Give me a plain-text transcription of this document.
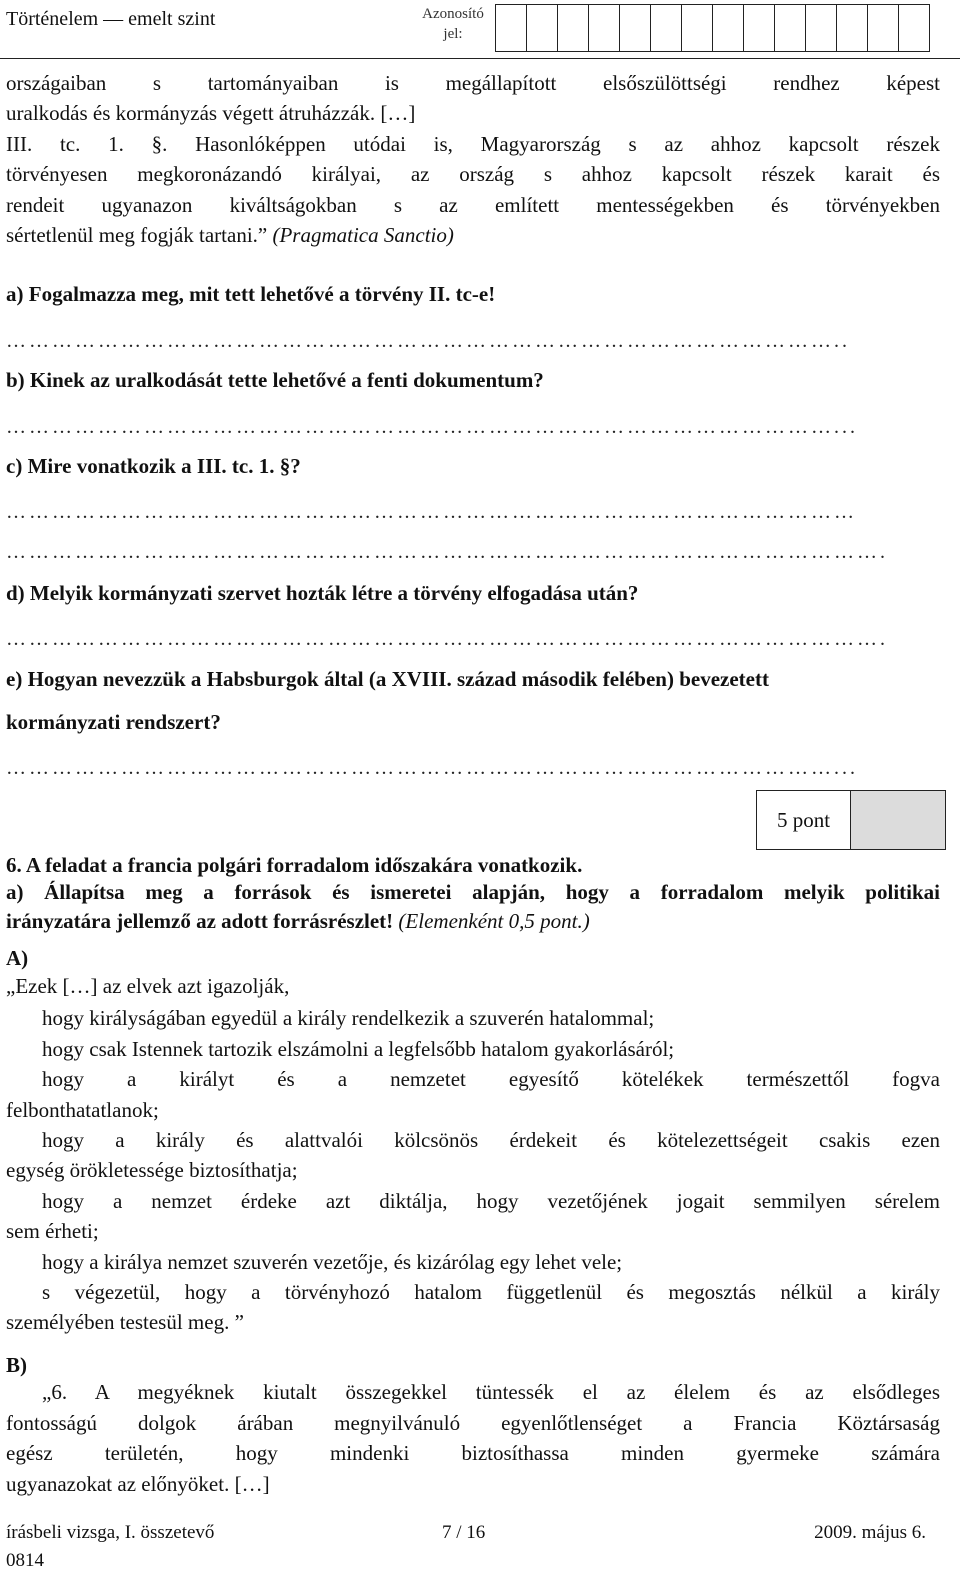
Történelem — emelt szint	Azonosító
jel:
országaiban s tartományaiban is megállapított elsőszülöttségi rendhez képest
uralkodás és kormányzás végett átruházzák. […]
III. tc. 1. §. Hasonlóképpen utódai is, Magyarország s az ahhoz kapcsolt részek
törvényesen megkoronázandó királyai, az ország s ahhoz kapcsolt részek karait és
rendeit ugyanazon kiváltságokban s az említett mentességekben és törvényekben
sértetlenül meg fogják tartani.” (Pragmatica Sanctio)
a) Fogalmazza meg, mit tett lehetővé a törvény II. tc-e!
………………………………………………………………………………………………..
b) Kinek az uralkodását tette lehetővé a fenti dokumentum?
………………………………………………………………………………………………...
c) Mire vonatkozik a III. tc. 1. §?
…………………………………………………………………………………………………
…………………………………………………………………………………………………….
d) Melyik kormányzati szervet hozták létre a törvény elfogadása után?
…………………………………………………………………………………………………….
e) Hogyan nevezzük a Habsburgok által (a XVIII. század második felében) bevezetett
kormányzati rendszert?
………………………………………………………………………………………………...
5 pont
6. A feladat a francia polgári forradalom időszakára vonatkozik.
a) Állapítsa meg a források és ismeretei alapján, hogy a forradalom melyik politikai
irányzatára jellemző az adott forrásrészlet! (Elemenként 0,5 pont.)
A)
„Ezek […] az elvek azt igazolják,
hogy királyságában egyedül a király rendelkezik a szuverén hatalommal;
hogy csak Istennek tartozik elszámolni a legfelsőbb hatalom gyakorlásáról;
hogy a királyt és a nemzetet egyesítő kötelékek természettől fogva
felbonthatatlanok;
hogy a király és alattvalói kölcsönös érdekeit és kötelezettségeit csakis ezen
egység örökletessége biztosíthatja;
hogy a nemzet érdeke azt diktálja, hogy vezetőjének jogait semmilyen sérelem
sem érheti;
hogy a királya nemzet szuverén vezetője, és kizárólag egy lehet vele;
s végezetül, hogy a törvényhozó hatalom függetlenül és megosztás nélkül a király
személyében testesül meg. ”
B)
„6. A megyéknek kiutalt összegekkel tüntessék el az élelem és az elsődleges
fontosságú dolgok árában megnyilvánuló egyenlőtlenséget a Francia Köztársaság
egész területén, hogy mindenki biztosíthassa minden gyermeke számára
ugyanazokat az előnyöket. […]
írásbeli vizsga, I. összetevő	7 / 16	2009. május 6.
0814
